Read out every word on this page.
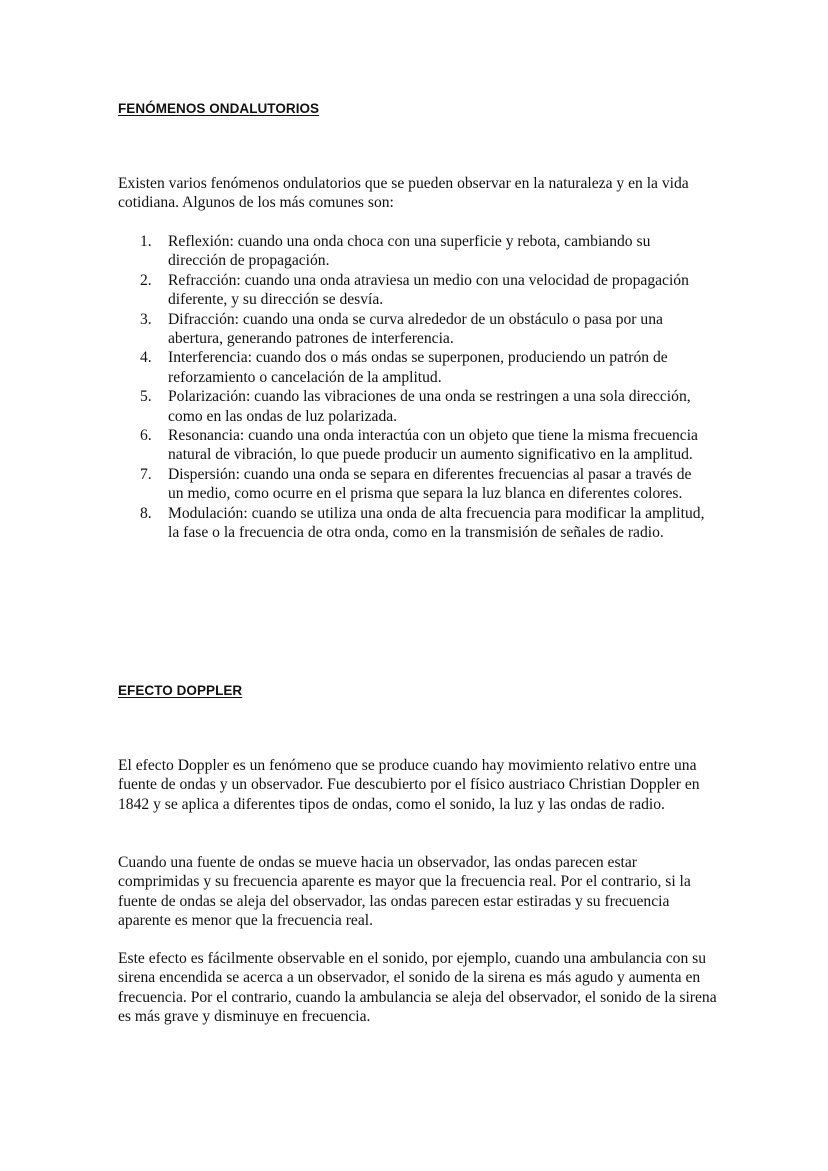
FENÓMENOS ONDALUTORIOS

Existen varios fenómenos ondulatorios que se pueden observar en la naturaleza y en la vida cotidiana. Algunos de los más comunes son:

1. Reflexión: cuando una onda choca con una superficie y rebota, cambiando su dirección de propagación.
2. Refracción: cuando una onda atraviesa un medio con una velocidad de propagación diferente, y su dirección se desvía.
3. Difracción: cuando una onda se curva alrededor de un obstáculo o pasa por una abertura, generando patrones de interferencia.
4. Interferencia: cuando dos o más ondas se superponen, produciendo un patrón de reforzamiento o cancelación de la amplitud.
5. Polarización: cuando las vibraciones de una onda se restringen a una sola dirección, como en las ondas de luz polarizada.
6. Resonancia: cuando una onda interactúa con un objeto que tiene la misma frecuencia natural de vibración, lo que puede producir un aumento significativo en la amplitud.
7. Dispersión: cuando una onda se separa en diferentes frecuencias al pasar a través de un medio, como ocurre en el prisma que separa la luz blanca en diferentes colores.
8. Modulación: cuando se utiliza una onda de alta frecuencia para modificar la amplitud, la fase o la frecuencia de otra onda, como en la transmisión de señales de radio.
EFECTO DOPPLER

El efecto Doppler es un fenómeno que se produce cuando hay movimiento relativo entre una fuente de ondas y un observador. Fue descubierto por el físico austriaco Christian Doppler en 1842 y se aplica a diferentes tipos de ondas, como el sonido, la luz y las ondas de radio.

Cuando una fuente de ondas se mueve hacia un observador, las ondas parecen estar comprimidas y su frecuencia aparente es mayor que la frecuencia real. Por el contrario, si la fuente de ondas se aleja del observador, las ondas parecen estar estiradas y su frecuencia aparente es menor que la frecuencia real.

Este efecto es fácilmente observable en el sonido, por ejemplo, cuando una ambulancia con su sirena encendida se acerca a un observador, el sonido de la sirena es más agudo y aumenta en frecuencia. Por el contrario, cuando la ambulancia se aleja del observador, el sonido de la sirena es más grave y disminuye en frecuencia.
